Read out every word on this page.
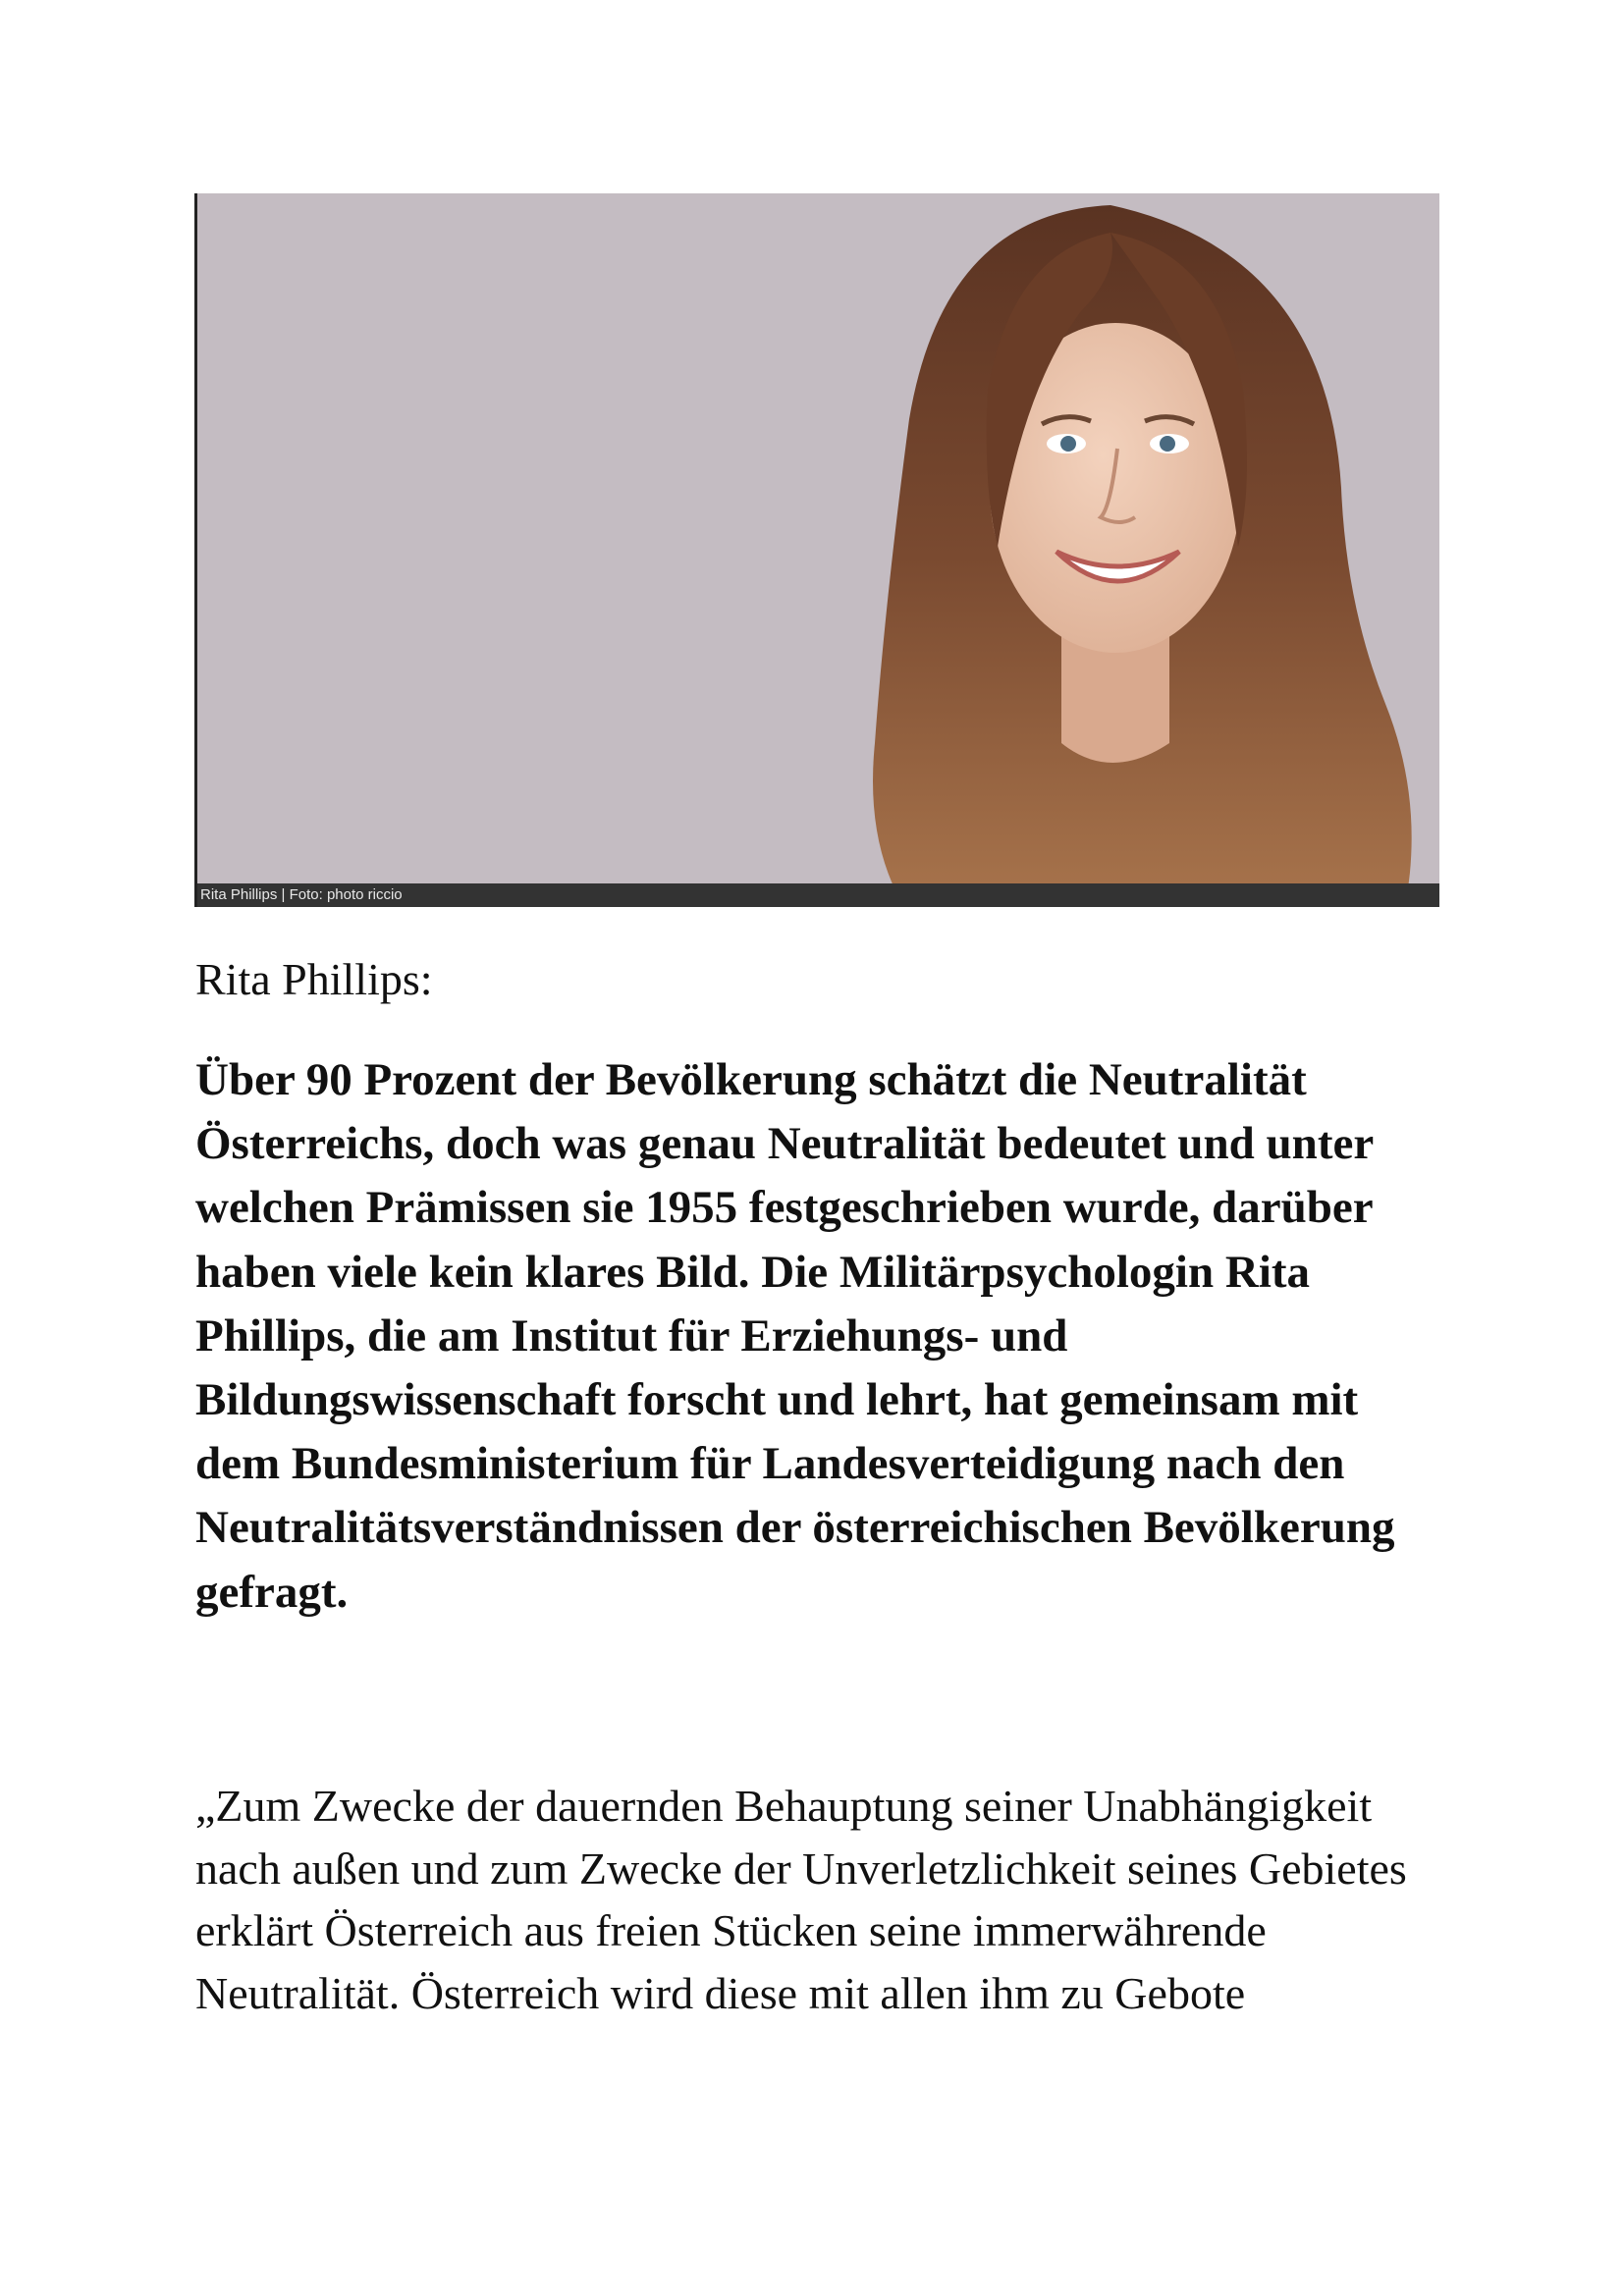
Rita Phillips | Foto: photo riccio
Rita Phillips:
Über 90 Prozent der Bevölkerung schätzt die Neutralität Österreichs, doch was genau Neutralität bedeutet und unter welchen Prämissen sie 1955 festgeschrieben wurde, darüber haben viele kein klares Bild. Die Militärpsychologin Rita Phillips, die am Institut für Erziehungs- und Bildungswissenschaft forscht und lehrt, hat gemeinsam mit dem Bundesministerium für Landesverteidigung nach den Neutralitätsverständnissen der österreichischen Bevölkerung gefragt.
„Zum Zwecke der dauernden Behauptung seiner Unabhängigkeit nach außen und zum Zwecke der Unverletzlichkeit seines Gebietes erklärt Österreich aus freien Stücken seine immerwährende Neutralität. Österreich wird diese mit allen ihm zu Gebote
